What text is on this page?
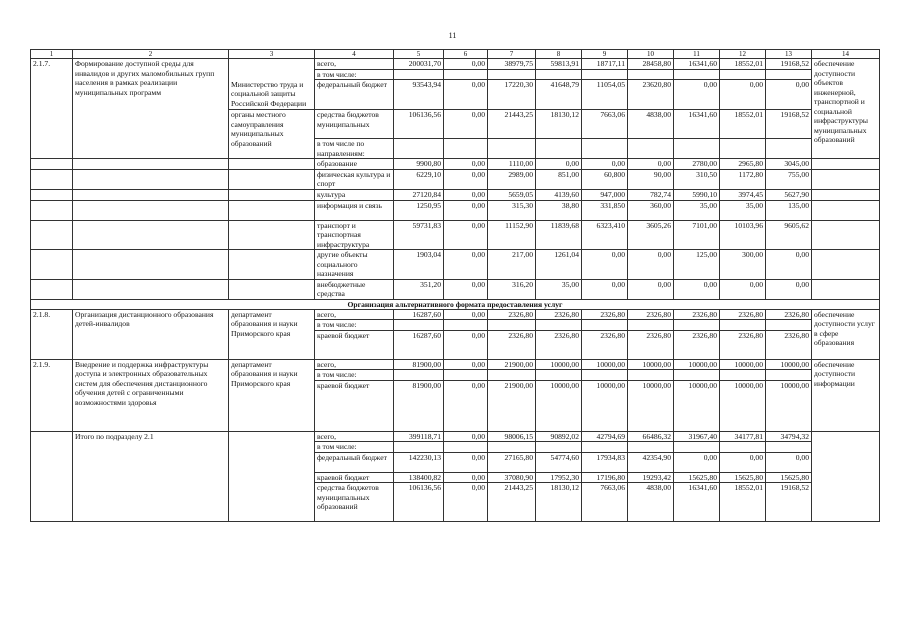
11
1	2	3	4	5	6	7	8	9	10	11	12	13	14
2.1.7.	Формирование доступной среды для инвалидов и других маломобильных групп населения в рамках реализации муниципальных программ		всего,	200031,70	0,00	38979,75	59813,91	18717,11	28458,80	16341,60	18552,01	19168,52	обеспечение доступности объектов инженерной, транспортной и социальной инфраструктуры муниципальных образований
			в том числе:										
		Министерство труда и социальной защиты Российской Федерации	федеральный бюджет	93543,94	0,00	17220,30	41648,79	11054,05	23620,80	0,00	0,00	0,00	
		органы местного самоуправления муниципальных образований	средства бюджетов муниципальных	106136,56	0,00	21443,25	18130,12	7663,06	4838,00	16341,60	18552,01	19168,52	
			в том числе по направлениям:										
			образование	9900,80	0,00	1110,00	0,00	0,00	0,00	2780,00	2965,80	3045,00	
			физическая культура и спорт	6229,10	0,00	2989,00	851,00	60,800	90,00	310,50	1172,80	755,00	
			культура	27120,84	0,00	5659,05	4139,60	947,000	782,74	5990,10	3974,45	5627,90	
			информация и связь	1250,95	0,00	315,30	38,80	331,850	360,00	35,00	35,00	135,00	
			транспорт и транспортная инфраструктура	59731,83	0,00	11152,90	11839,68	6323,410	3605,26	7101,00	10103,96	9605,62	
			другие объекты социального назначения	1903,04	0,00	217,00	1261,04	0,00	0,00	125,00	300,00	0,00	
			внебюджетные средства	351,20	0,00	316,20	35,00	0,00	0,00	0,00	0,00	0,00	
Организация альтернативного формата предоставления услуг													
2.1.8.	Организация дистанционного образования детей-инвалидов	департамент образования и науки Приморского края	всего,	16287,60	0,00	2326,80	2326,80	2326,80	2326,80	2326,80	2326,80	2326,80	обеспечение доступности услуг в сфере образования
			в том числе:										
			краевой бюджет	16287,60	0,00	2326,80	2326,80	2326,80	2326,80	2326,80	2326,80	2326,80	
2.1.9.	Внедрение и поддержка инфраструктуры доступа и электронных образовательных систем для обеспечения дистанционного обучения детей с ограниченными возможностями здоровья	департамент образования и науки Приморского края	всего,	81900,00	0,00	21900,00	10000,00	10000,00	10000,00	10000,00	10000,00	10000,00	обеспечение доступности информации
			в том числе:										
			краевой бюджет	81900,00	0,00	21900,00	10000,00	10000,00	10000,00	10000,00	10000,00	10000,00	
	Итого по подразделу 2.1		всего,	399118,71	0,00	98006,15	90892,02	42794,69	66486,32	31967,40	34177,81	34794,32	
			в том числе:										
			федеральный бюджет	142230,13	0,00	27165,80	54774,60	17934,83	42354,90	0,00	0,00	0,00	
			краевой бюджет	138400,82	0,00	37080,90	17952,30	17196,80	19293,42	15625,80	15625,80	15625,80	
			средства бюджетов муниципальных образований	106136,56	0,00	21443,25	18130,12	7663,06	4838,00	16341,60	18552,01	19168,52	
